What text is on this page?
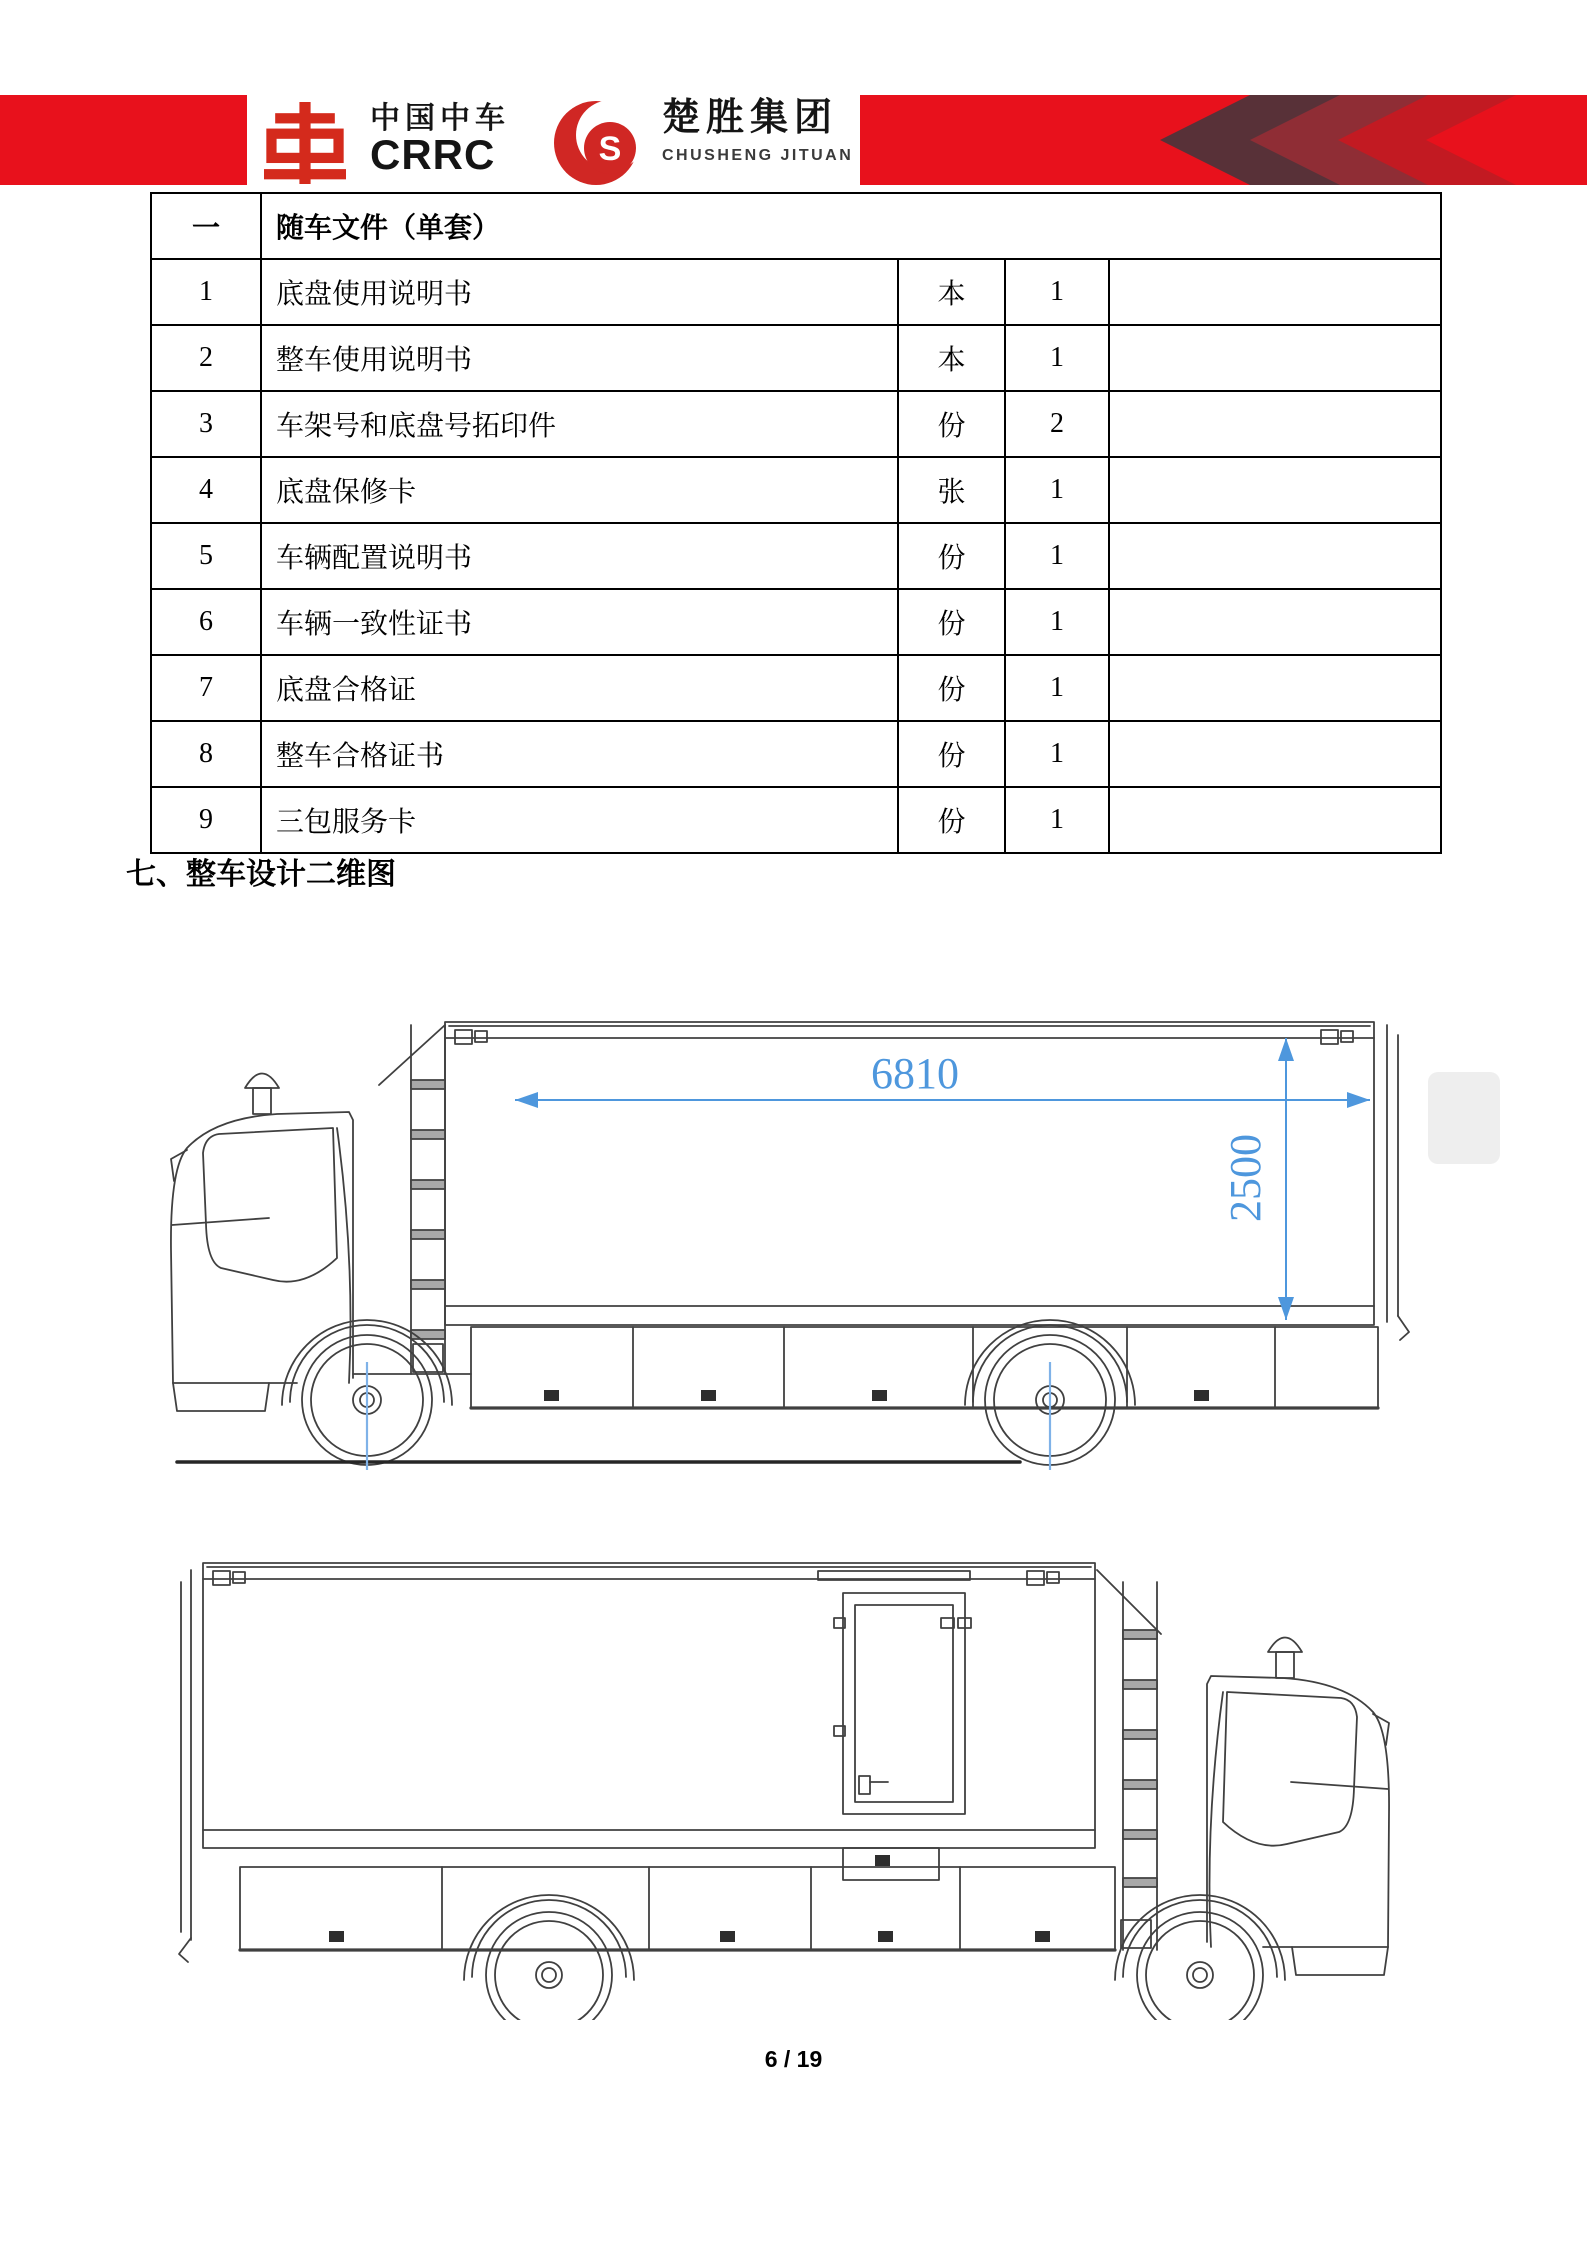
中国中车
CRRC	S
楚胜集团
CHUSHENG JITUAN
一	随车文件（单套）			
1	底盘使用说明书	本	1	
2	整车使用说明书	本	1	
3	车架号和底盘号拓印件	份	2	
4	底盘保修卡	张	1	
5	车辆配置说明书	份	1	
6	车辆一致性证书	份	1	
7	底盘合格证	份	1	
8	整车合格证书	份	1	
9	三包服务卡	份	1	
七、整车设计二维图
6810
2500
6 / 19
